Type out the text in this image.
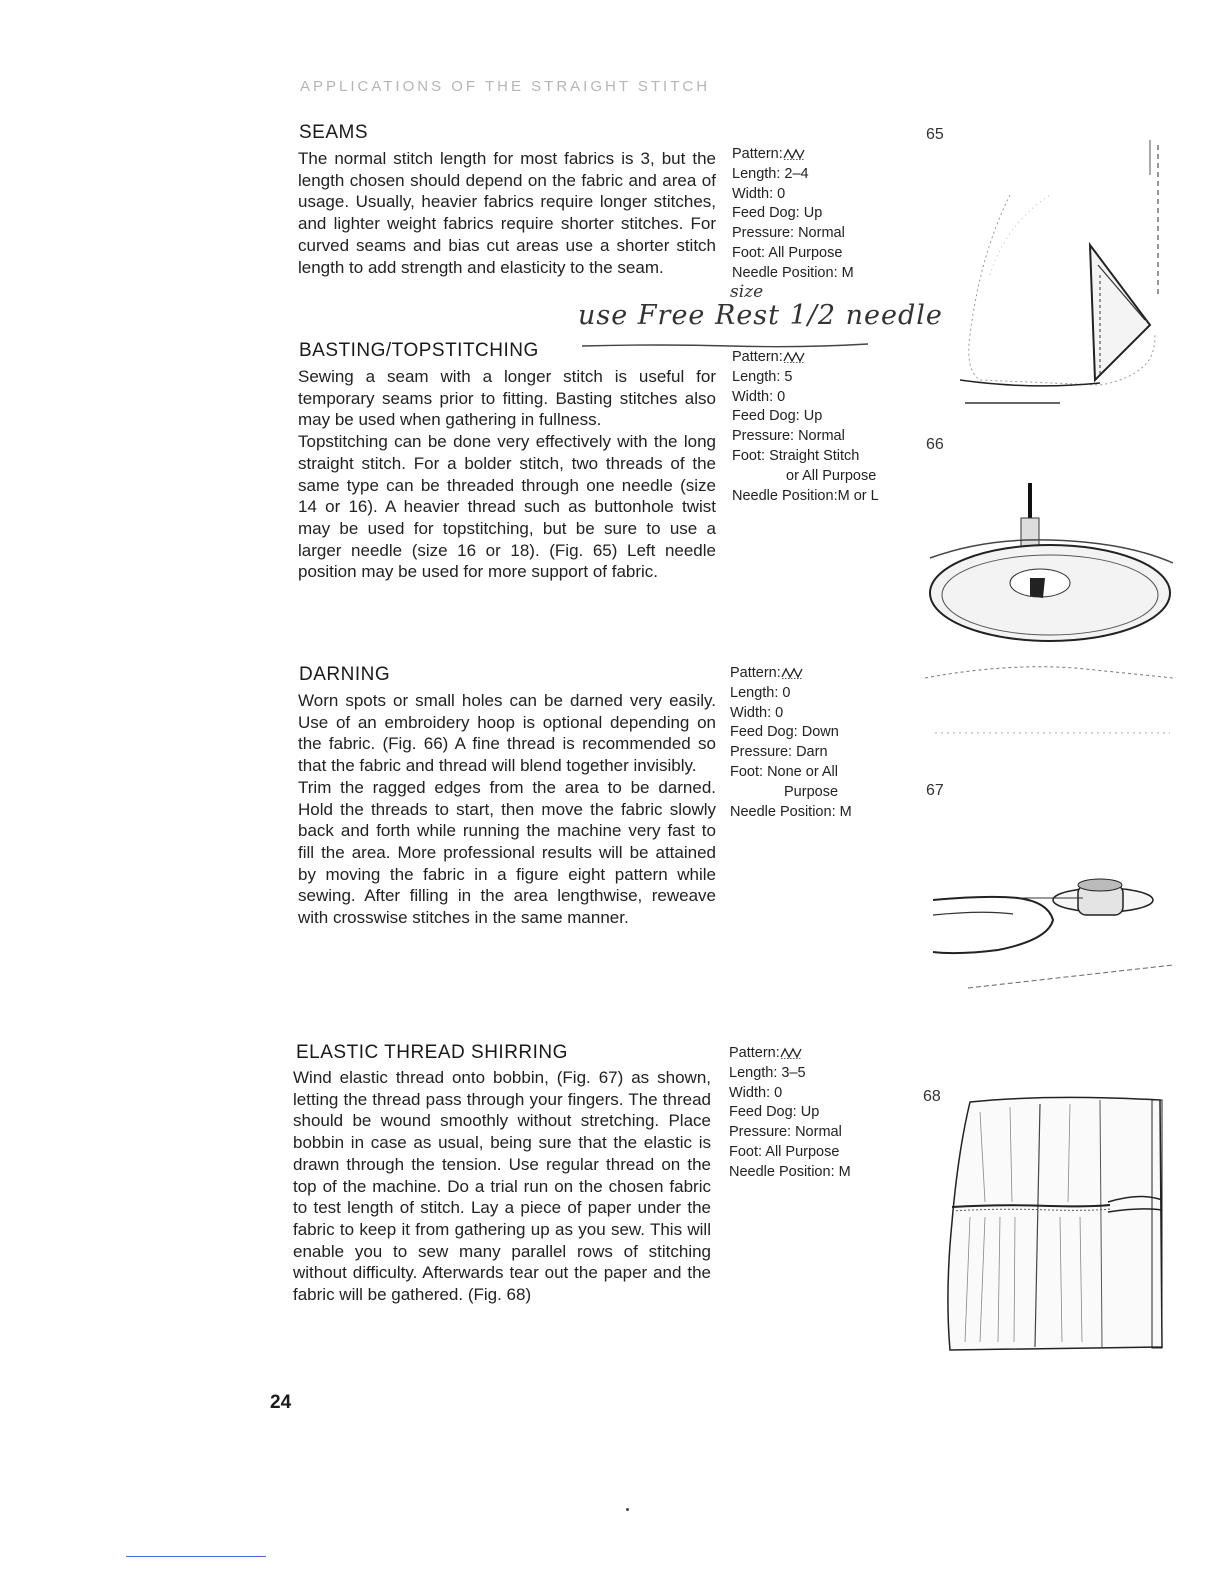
APPLICATIONS OF THE STRAIGHT STITCH
SEAMS

The normal stitch length for most fabrics is 3, but the length chosen should depend on the fabric and area of usage. Usually, heavier fabrics require longer stitches, and lighter weight fabrics require shorter stitches. For curved seams and bias cut areas use a shorter stitch length to add strength and elasticity to the seam.

Pattern:
Length: 2–4
Width: 0
Feed Dog: Up
Pressure: Normal
Foot: All Purpose
Needle Position: M
size
use Free Rest 1/2 needle
BASTING/TOPSTITCHING

Sewing a seam with a longer stitch is useful for temporary seams prior to fitting. Basting stitches also may be used when gathering in fullness.

Topstitching can be done very effectively with the long straight stitch. For a bolder stitch, two threads of the same type can be threaded through one needle (size 14 or 16). A heavier thread such as buttonhole twist may be used for topstitching, but be sure to use a larger needle (size 16 or 18). (Fig. 65) Left needle position may be used for more support of fabric.

Pattern:
Length: 5
Width: 0
Feed Dog: Up
Pressure: Normal
Foot: Straight Stitch
or All Purpose
Needle Position:M or L
DARNING

Worn spots or small holes can be darned very easily. Use of an embroidery hoop is optional depending on the fabric. (Fig. 66) A fine thread is recommended so that the fabric and thread will blend together invisibly.

Trim the ragged edges from the area to be darned. Hold the threads to start, then move the fabric slowly back and forth while running the machine very fast to fill the area. More professional results will be attained by moving the fabric in a figure eight pattern while sewing. After filling in the area lengthwise, reweave with crosswise stitches in the same manner.

Pattern:
Length: 0
Width: 0
Feed Dog: Down
Pressure: Darn
Foot: None or All
Purpose
Needle Position: M
ELASTIC THREAD SHIRRING

Wind elastic thread onto bobbin, (Fig. 67) as shown, letting the thread pass through your fingers. The thread should be wound smoothly without stretching. Place bobbin in case as usual, being sure that the elastic is drawn through the tension. Use regular thread on the top of the machine. Do a trial run on the chosen fabric to test length of stitch. Lay a piece of paper under the fabric to keep it from gathering up as you sew. This will enable you to sew many parallel rows of stitching without difficulty. Afterwards tear out the paper and the fabric will be gathered. (Fig. 68)

Pattern:
Length: 3–5
Width: 0
Feed Dog: Up
Pressure: Normal
Foot: All Purpose
Needle Position: M
65
66
67
68
24
